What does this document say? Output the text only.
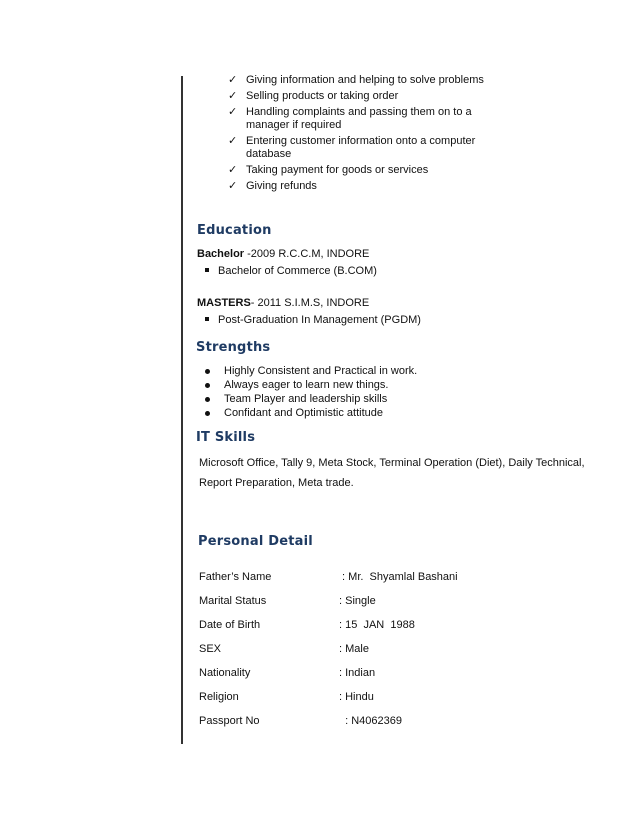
✓ Giving information and helping to solve problems
✓ Selling products or taking order
✓ Handling complaints and passing them on to a manager if required
✓ Entering customer information onto a computer database
✓ Taking payment for goods or services
✓ Giving refunds
Education
Bachelor -2009 R.C.C.M, INDORE
Bachelor of Commerce (B.COM)
MASTERS- 2011 S.I.M.S, INDORE
Post-Graduation In Management (PGDM)
Strengths
Highly Consistent and Practical in work.
Always eager to learn new things.
Team Player and leadership skills
Confidant and Optimistic attitude
IT Skills
Microsoft Office, Tally 9, Meta Stock, Terminal Operation (Diet), Daily Technical, Report Preparation, Meta trade.
Personal Detail
Father’s Name	: Mr.  Shyamlal Bashani
Marital Status	: Single
Date of Birth	: 15  JAN  1988
SEX	: Male
Nationality	: Indian
Religion	: Hindu
Passport No	: N4062369
